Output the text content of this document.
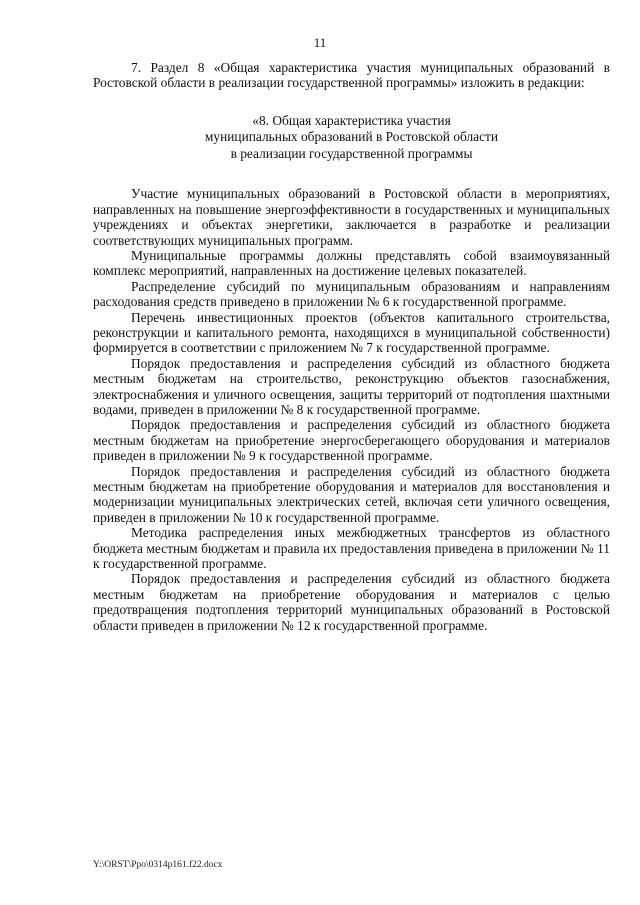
11

7. Раздел 8 «Общая характеристика участия муниципальных образований в Ростовской области в реализации государственной программы» изложить в редакции:

«8. Общая характеристика участия
муниципальных образований в Ростовской области
в реализации государственной программы

Участие муниципальных образований в Ростовской области в мероприятиях, направленных на повышение энергоэффективности в государственных и муниципальных учреждениях и объектах энергетики, заключается в разработке и реализации соответствующих муниципальных программ.

Муниципальные программы должны представлять собой взаимоувязанный комплекс мероприятий, направленных на достижение целевых показателей.

Распределение субсидий по муниципальным образованиям и направлениям расходования средств приведено в приложении № 6 к государственной программе.

Перечень инвестиционных проектов (объектов капитального строительства, реконструкции и капитального ремонта, находящихся в муниципальной собственности) формируется в соответствии с приложением № 7 к государственной программе.

Порядок предоставления и распределения субсидий из областного бюджета местным бюджетам на строительство, реконструкцию объектов газоснабжения, электроснабжения и уличного освещения, защиты территорий от подтопления шахтными водами, приведен в приложении № 8 к государственной программе.

Порядок предоставления и распределения субсидий из областного бюджета местным бюджетам на приобретение энергосберегающего оборудования и материалов приведен в приложении № 9 к государственной программе.

Порядок предоставления и распределения субсидий из областного бюджета местным бюджетам на приобретение оборудования и материалов для восстановления и модернизации муниципальных электрических сетей, включая сети уличного освещения, приведен в приложении № 10 к государственной программе.

Методика распределения иных межбюджетных трансфертов из областного бюджета местным бюджетам и правила их предоставления приведена в приложении № 11 к государственной программе.

Порядок предоставления и распределения субсидий из областного бюджета местным бюджетам на приобретение оборудования и материалов с целью предотвращения подтопления территорий муниципальных образований в Ростовской области приведен в приложении № 12 к государственной программе.

Y:\ORST\Ppo\0314p161.f22.docx
